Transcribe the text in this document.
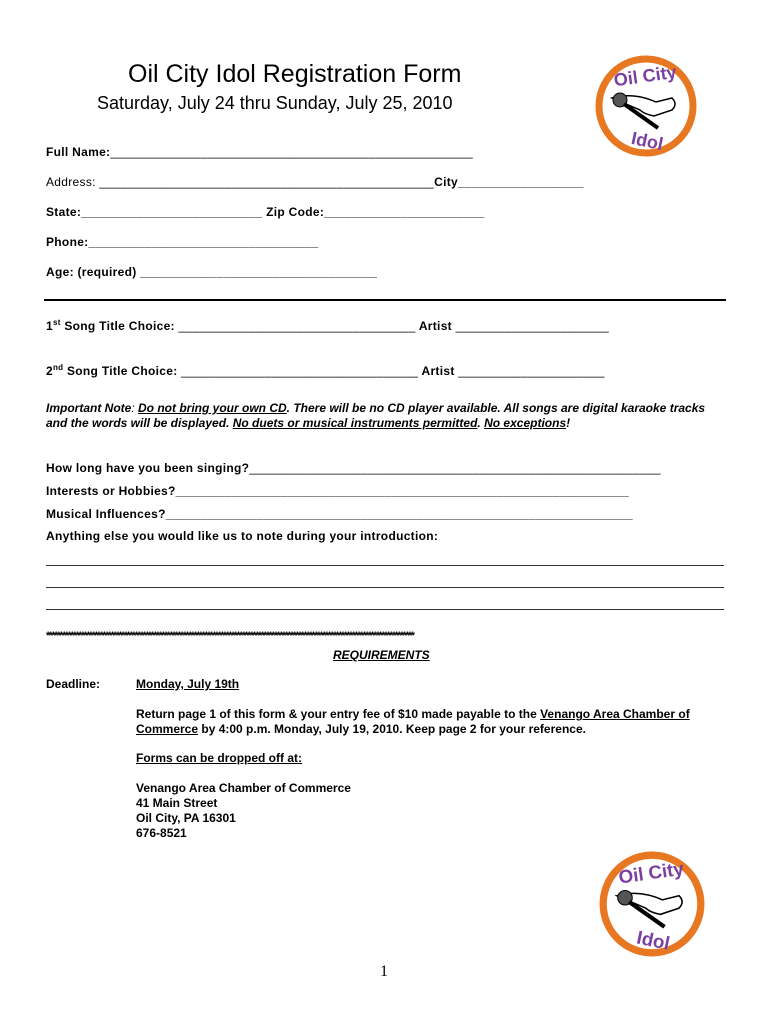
Oil City Idol Registration Form
Saturday, July 24 thru Sunday, July 25, 2010
Oil City
Idol
Full Name:____________________________________________________
Address: ________________________________________________City__________________
State:__________________________ Zip Code:_______________________
Phone:_________________________________
Age: (required) __________________________________
1st Song Title Choice: __________________________________ Artist ______________________
2nd Song Title Choice: __________________________________ Artist _____________________
Important Note: Do not bring your own CD. There will be no CD player available. All songs are digital karaoke tracks and the words will be displayed. No duets or musical instruments permitted. No exceptions!
How long have you been singing?___________________________________________________________
Interests or Hobbies?_________________________________________________________________
Musical Influences?___________________________________________________________________
Anything else you would like us to note during your introduction:
*****************************************************************************************************************************************
REQUIREMENTS
Deadline:	Monday, July 19th
Return page 1 of this form & your entry fee of $10 made payable to the Venango Area Chamber of Commerce by 4:00 p.m. Monday, July 19, 2010. Keep page 2 for your reference.
Forms can be dropped off at:
Venango Area Chamber of Commerce
41 Main Street
Oil City, PA 16301
676-8521
Oil City
Idol
1
